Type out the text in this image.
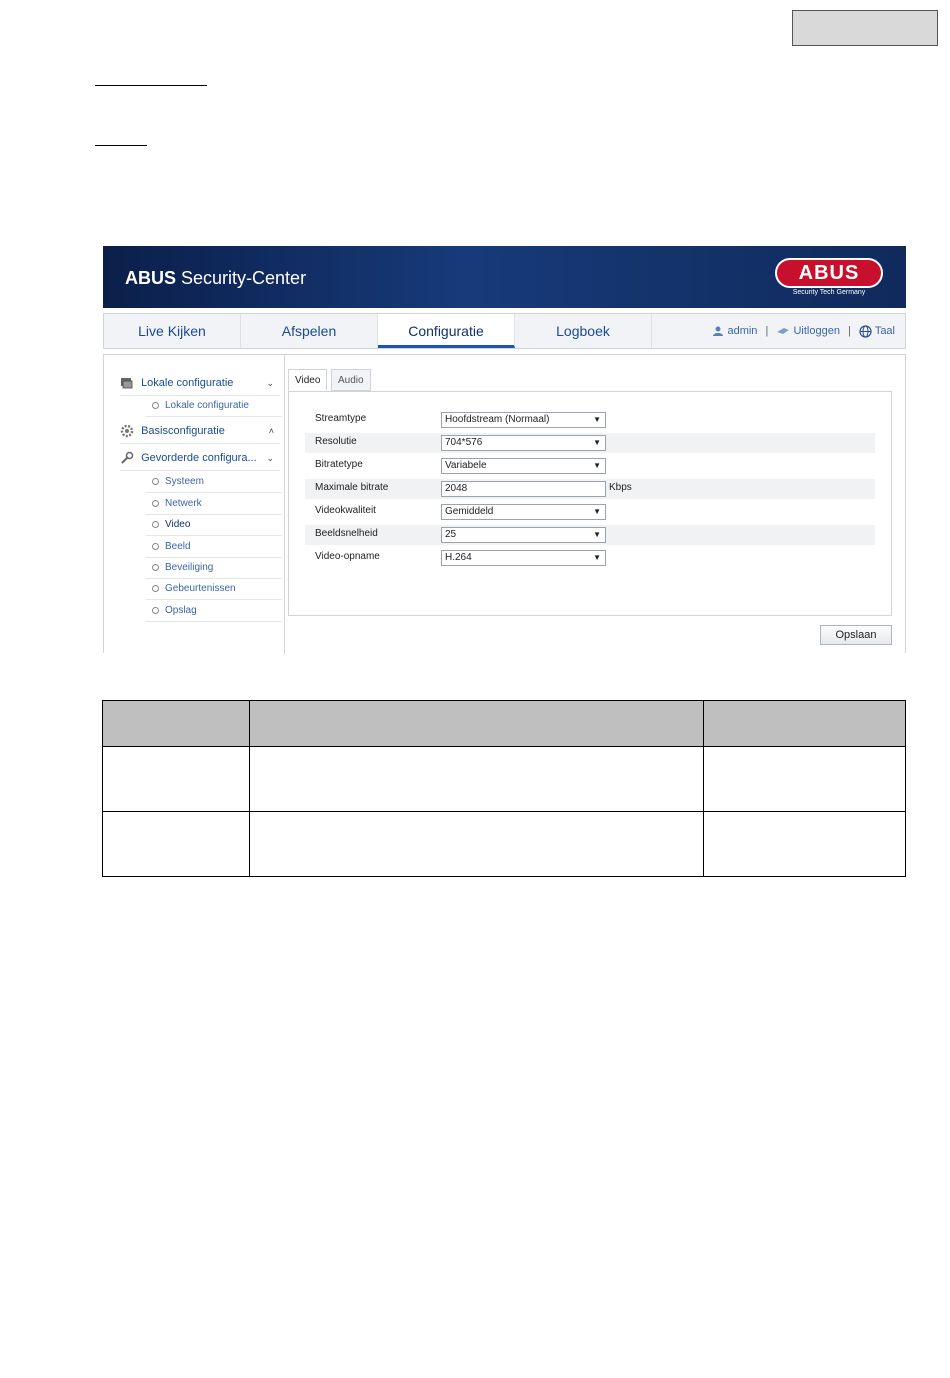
ABUS Security-Center	ABUS
Security Tech Germany
Live Kijken	Afspelen	Configuratie	Logboek	admin | Uitloggen | Taal
Lokale configuratie	⌄
Lokale configuratie
Basisconfiguratie	˄
Gevorderde configura... ⌄
Systeem
Netwerk
Video
Beeld
Beveiliging
Gebeurtenissen
Opslag
Video	Audio
Streamtype	Hoofdstream (Normaal)	▼
Resolutie	704*576	▼
Bitratetype	Variabele	▼
Maximale bitrate	2048	Kbps
Videokwaliteit	Gemiddeld	▼
Beeldsnelheid	25	▼
Video-opname	H.264	▼
Opslaan
